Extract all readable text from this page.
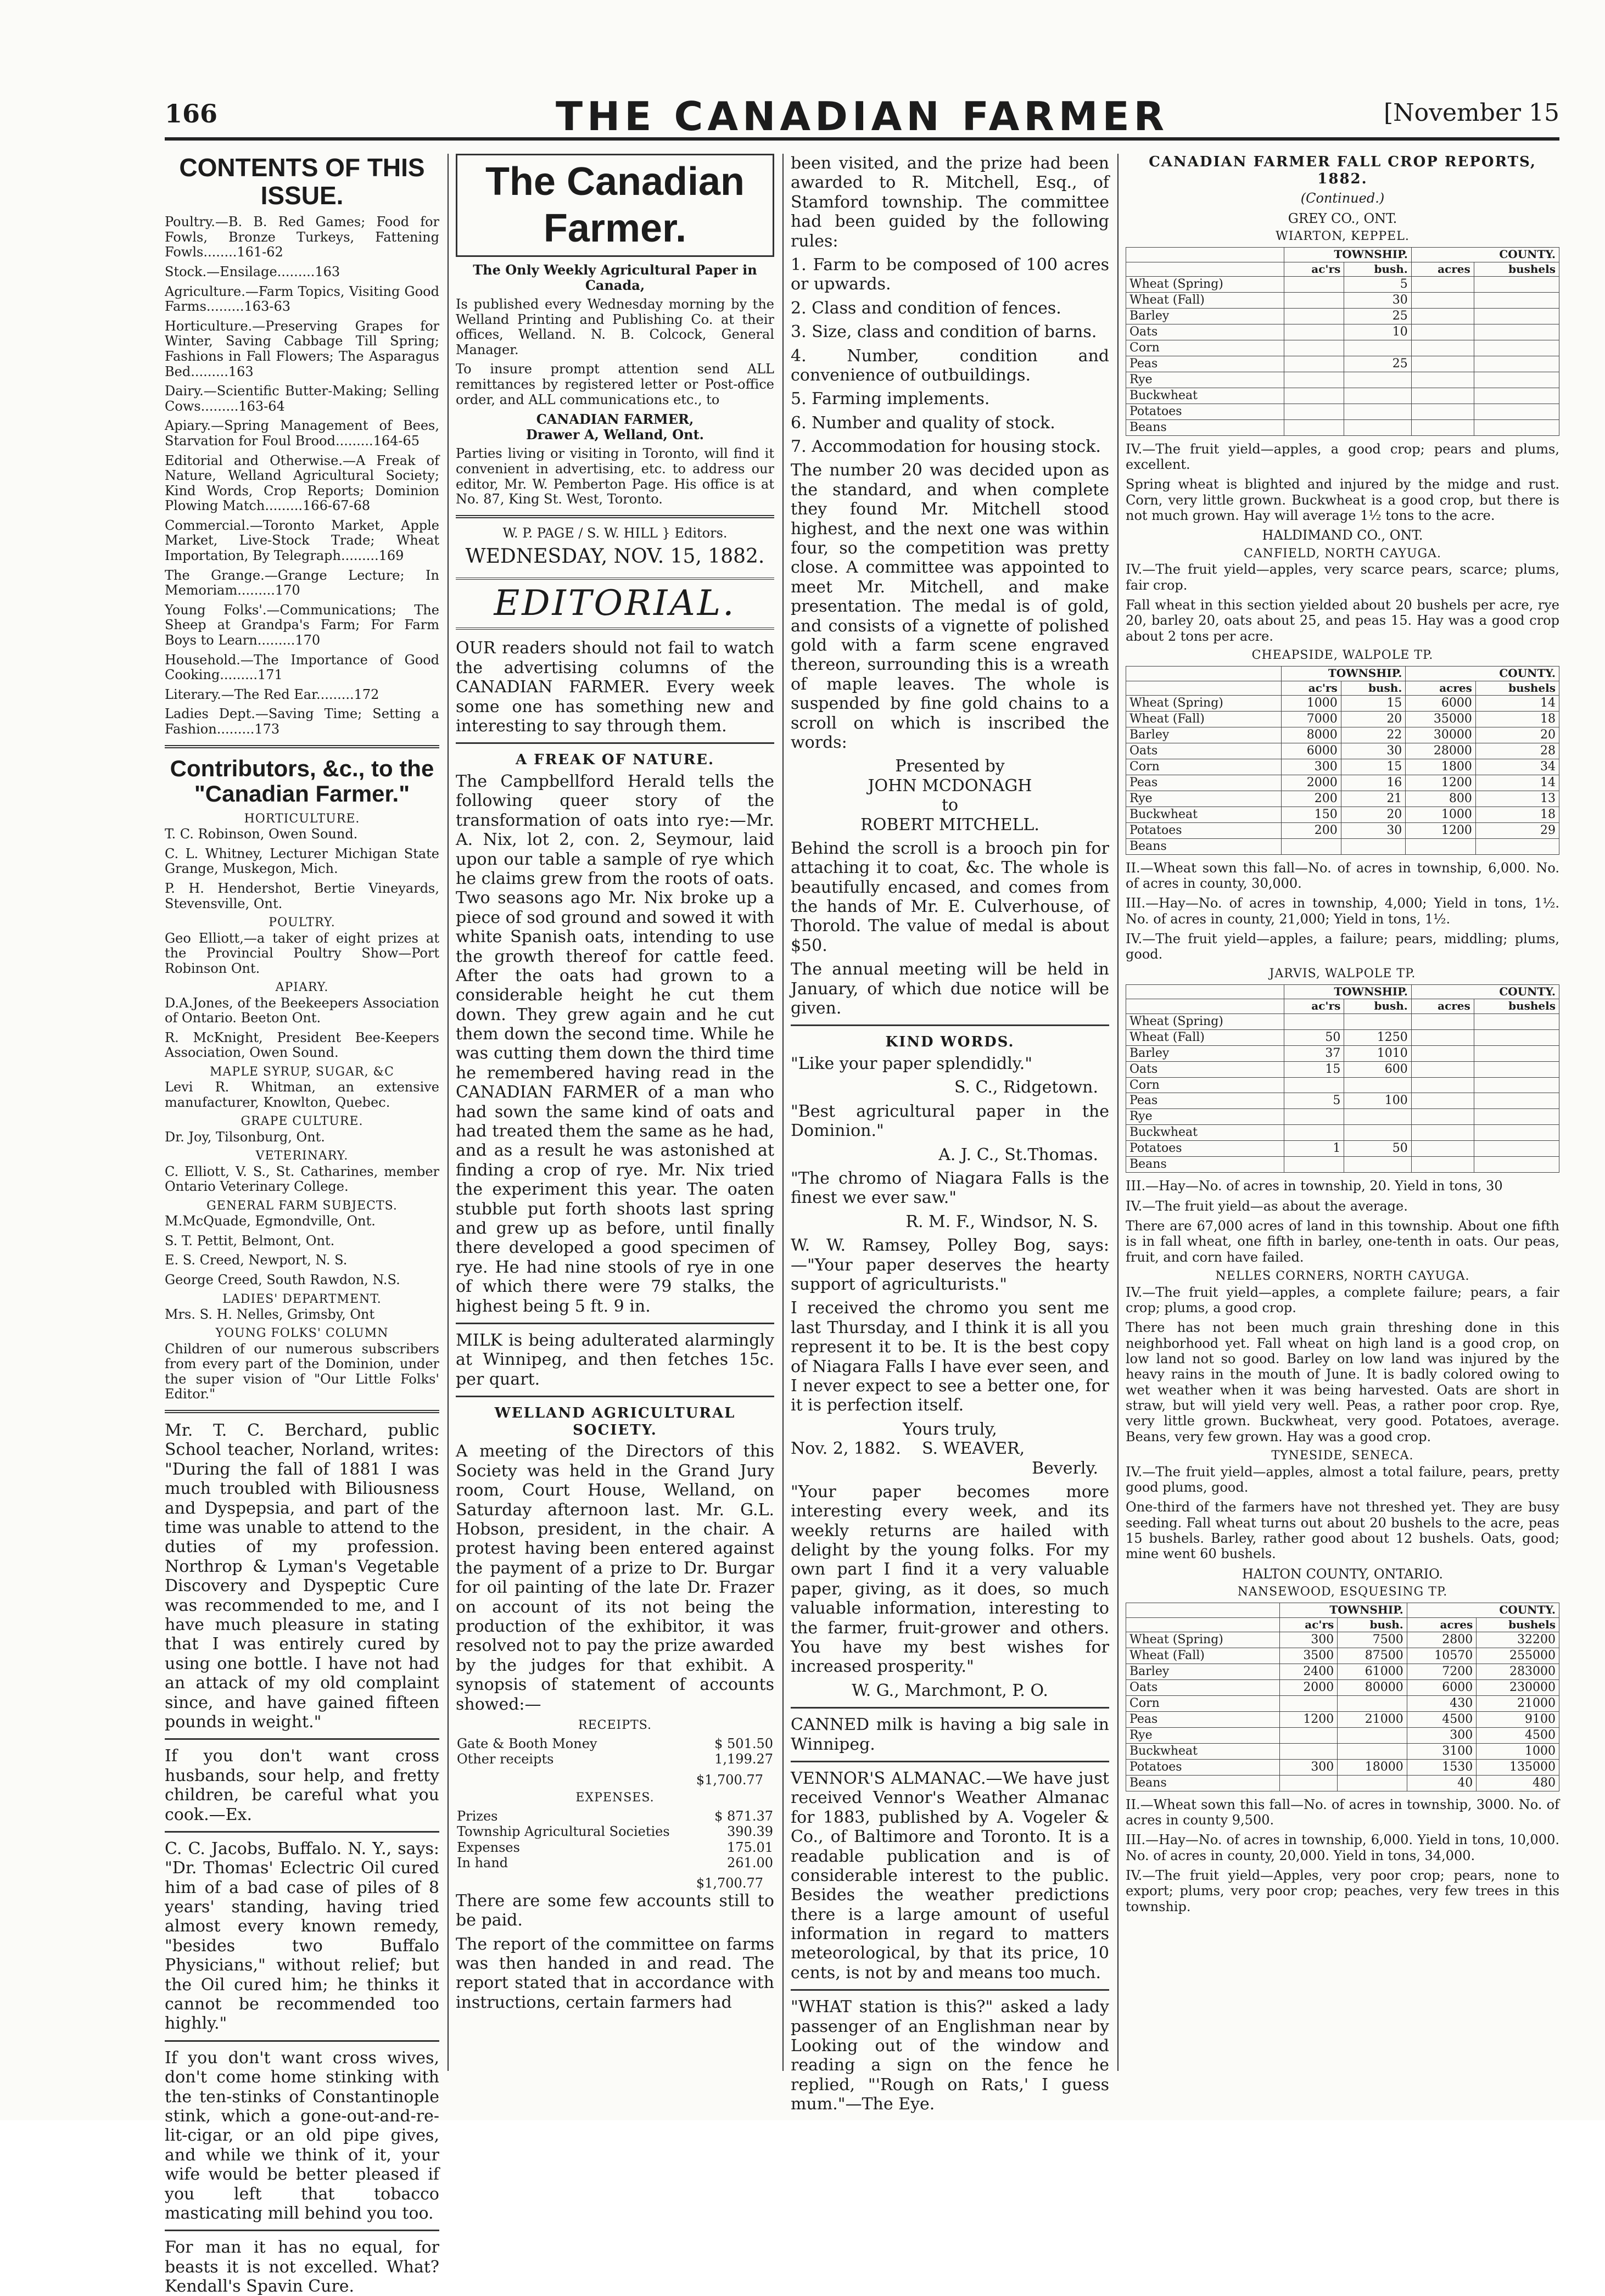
166	THE CANADIAN FARMER	[November 15
CONTENTS OF THIS ISSUE.

Poultry.—B. B. Red Games; Food for Fowls, Bronze Turkeys, Fattening Fowls........161-62

Stock.—Ensilage.........163

Agriculture.—Farm Topics, Visiting Good Farms.........163-63

Horticulture.—Preserving Grapes for Winter, Saving Cabbage Till Spring; Fashions in Fall Flowers; The Asparagus Bed.........163

Dairy.—Scientific Butter-Making; Selling Cows.........163-64

Apiary.—Spring Management of Bees, Starvation for Foul Brood.........164-65

Editorial and Otherwise.—A Freak of Nature, Welland Agricultural Society; Kind Words, Crop Reports; Dominion Plowing Match.........166-67-68

Commercial.—Toronto Market, Apple Market, Live-Stock Trade; Wheat Importation, By Telegraph.........169

The Grange.—Grange Lecture; In Memoriam.........170

Young Folks'.—Communications; The Sheep at Grandpa's Farm; For Farm Boys to Learn.........170

Household.—The Importance of Good Cooking.........171

Literary.—The Red Ear.........172

Ladies Dept.—Saving Time; Setting a Fashion.........173

Contributors, &c., to the "Canadian Farmer."
HORTICULTURE.

T. C. Robinson, Owen Sound.

C. L. Whitney, Lecturer Michigan State Grange, Muskegon, Mich.

P. H. Hendershot, Bertie Vineyards, Stevensville, Ont.

POULTRY.

Geo Elliott,—a taker of eight prizes at the Provincial Poultry Show—Port Robinson Ont.

APIARY.

D.A.Jones, of the Beekeepers Association of Ontario. Beeton Ont.

R. McKnight, President Bee-Keepers Association, Owen Sound.

MAPLE SYRUP, SUGAR, &C

Levi R. Whitman, an extensive manufacturer, Knowlton, Quebec.

GRAPE CULTURE.

Dr. Joy, Tilsonburg, Ont.

VETERINARY.

C. Elliott, V. S., St. Catharines, member Ontario Veterinary College.

GENERAL FARM SUBJECTS.

M.McQuade, Egmondville, Ont.

S. T. Pettit, Belmont, Ont.

E. S. Creed, Newport, N. S.

George Creed, South Rawdon, N.S.

LADIES' DEPARTMENT.

Mrs. S. H. Nelles, Grimsby, Ont

YOUNG FOLKS' COLUMN

Children of our numerous subscribers from every part of the Dominion, under the super vision of "Our Little Folks' Editor."

Mr. T. C. Berchard, public School teacher, Norland, writes: "During the fall of 1881 I was much troubled with Biliousness and Dyspepsia, and part of the time was unable to attend to the duties of my profession. Northrop & Lyman's Vegetable Discovery and Dyspeptic Cure was recommended to me, and I have much pleasure in stating that I was entirely cured by using one bottle. I have not had an attack of my old complaint since, and have gained fifteen pounds in weight."

If you don't want cross husbands, sour help, and fretty children, be careful what you cook.—Ex.

C. C. Jacobs, Buffalo. N. Y., says: "Dr. Thomas' Eclectric Oil cured him of a bad case of piles of 8 years' standing, having tried almost every known remedy, "besides two Buffalo Physicians," without relief; but the Oil cured him; he thinks it cannot be recommended too highly."

If you don't want cross wives, don't come home stinking with the ten-stinks of Constantinople stink, which a gone-out-and-re-lit-cigar, or an old pipe gives, and while we think of it, your wife would be better pleased if you left that tobacco masticating mill behind you too.

For man it has no equal, for beasts it is not excelled. What? Kendall's Spavin Cure.

The Canadian Farmer.

The Only Weekly Agricultural Paper in Canada,

Is published every Wednesday morning by the Welland Printing and Publishing Co. at their offices, Welland. N. B. Colcock, General Manager.

To insure prompt attention send ALL remittances by registered letter or Post-office order, and ALL communications etc., to

CANADIAN FARMER,

Drawer A, Welland, Ont.

Parties living or visiting in Toronto, will find it convenient in advertising, etc. to address our editor, Mr. W. Pemberton Page. His office is at No. 87, King St. West, Toronto.

W. P. PAGE / S. W. HILL } Editors.

WEDNESDAY, NOV. 15, 1882.

EDITORIAL.

OUR readers should not fail to watch the advertising columns of the CANADIAN FARMER. Every week some one has something new and interesting to say through them.

A FREAK OF NATURE.

The Campbellford Herald tells the following queer story of the transformation of oats into rye:—Mr. A. Nix, lot 2, con. 2, Seymour, laid upon our table a sample of rye which he claims grew from the roots of oats. Two seasons ago Mr. Nix broke up a piece of sod ground and sowed it with white Spanish oats, intending to use the growth thereof for cattle feed. After the oats had grown to a considerable height he cut them down. They grew again and he cut them down the second time. While he was cutting them down the third time he remembered having read in the CANADIAN FARMER of a man who had sown the same kind of oats and had treated them the same as he had, and as a result he was astonished at finding a crop of rye. Mr. Nix tried the experiment this year. The oaten stubble put forth shoots last spring and grew up as before, until finally there developed a good specimen of rye. He had nine stools of rye in one of which there were 79 stalks, the highest being 5 ft. 9 in.

MILK is being adulterated alarmingly at Winnipeg, and then fetches 15c. per quart.

WELLAND AGRICULTURAL SOCIETY.

A meeting of the Directors of this Society was held in the Grand Jury room, Court House, Welland, on Saturday afternoon last. Mr. G.L. Hobson, president, in the chair. A protest having been entered against the payment of a prize to Dr. Burgar for oil painting of the late Dr. Frazer on account of its not being the production of the exhibitor, it was resolved not to pay the prize awarded by the judges for that exhibit. A synopsis of statement of accounts showed:—

RECEIPTS.
Gate & Booth Money	$ 501.50
Other receipts	1,199.27
$1,700.77
EXPENSES.
Prizes	$ 871.37
Township Agricultural Societies	390.39
Expenses	175.01
In hand	261.00
$1,700.77

There are some few accounts still to be paid.

The report of the committee on farms was then handed in and read. The report stated that in accordance with instructions, certain farmers had

been visited, and the prize had been awarded to R. Mitchell, Esq., of Stamford township. The committee had been guided by the following rules:

1. Farm to be composed of 100 acres or upwards.

2. Class and condition of fences.

3. Size, class and condition of barns.

4. Number, condition and convenience of outbuildings.

5. Farming implements.

6. Number and quality of stock.

7. Accommodation for housing stock.

The number 20 was decided upon as the standard, and when complete they found Mr. Mitchell stood highest, and the next one was within four, so the competition was pretty close. A committee was appointed to meet Mr. Mitchell, and make presentation. The medal is of gold, and consists of a vignette of polished gold with a farm scene engraved thereon, surrounding this is a wreath of maple leaves. The whole is suspended by fine gold chains to a scroll on which is inscribed the words:

Presented by
JOHN MCDONAGH
to
ROBERT MITCHELL.

Behind the scroll is a brooch pin for attaching it to coat, &c. The whole is beautifully encased, and comes from the hands of Mr. E. Culverhouse, of Thorold. The value of medal is about $50.

The annual meeting will be held in January, of which due notice will be given.

KIND WORDS.

"Like your paper splendidly."

S. C., Ridgetown.

"Best agricultural paper in the Dominion."

A. J. C., St.Thomas.

"The chromo of Niagara Falls is the finest we ever saw."

R. M. F., Windsor, N. S.

W. W. Ramsey, Polley Bog, says:—"Your paper deserves the hearty support of agriculturists."

I received the chromo you sent me last Thursday, and I think it is all you represent it to be. It is the best copy of Niagara Falls I have ever seen, and I never expect to see a better one, for it is perfection itself.

Yours truly,

Nov. 2, 1882. S. WEAVER,

Beverly.

"Your paper becomes more interesting every week, and its weekly returns are hailed with delight by the young folks. For my own part I find it a very valuable paper, giving, as it does, so much valuable information, interesting to the farmer, fruit-grower and others. You have my best wishes for increased prosperity."

W. G., Marchmont, P. O.

CANNED milk is having a big sale in Winnipeg.

VENNOR'S ALMANAC.—We have just received Vennor's Weather Almanac for 1883, published by A. Vogeler & Co., of Baltimore and Toronto. It is a readable publication and is of considerable interest to the public. Besides the weather predictions there is a large amount of useful information in regard to matters meteorological, by that its price, 10 cents, is not by and means too much.

"WHAT station is this?" asked a lady passenger of an Englishman near by Looking out of the window and reading a sign on the fence he replied, "'Rough on Rats,' I guess mum."—The Eye.

CANADIAN FARMER FALL CROP REPORTS, 1882.

(Continued.)

GREY CO., ONT.
WIARTON, KEPPEL.
	TOWNSHIP.		COUNTY.	
	ac'rs	bush.	acres	bushels
Wheat (Spring)		5		
Wheat (Fall)		30		
Barley		25		
Oats		10		
Corn				
Peas		25		
Rye				
Buckwheat				
Potatoes				
Beans				

IV.—The fruit yield—apples, a good crop; pears and plums, excellent.

Spring wheat is blighted and injured by the midge and rust. Corn, very little grown. Buckwheat is a good crop, but there is not much grown. Hay will average 1½ tons to the acre.

HALDIMAND CO., ONT.
CANFIELD, NORTH CAYUGA.

IV.—The fruit yield—apples, very scarce pears, scarce; plums, fair crop.

Fall wheat in this section yielded about 20 bushels per acre, rye 20, barley 20, oats about 25, and peas 15. Hay was a good crop about 2 tons per acre.

CHEAPSIDE, WALPOLE TP.
	TOWNSHIP.		COUNTY.	
	ac'rs	bush.	acres	bushels
Wheat (Spring)	1000	15	6000	14
Wheat (Fall)	7000	20	35000	18
Barley	8000	22	30000	20
Oats	6000	30	28000	28
Corn	300	15	1800	34
Peas	2000	16	1200	14
Rye	200	21	800	13
Buckwheat	150	20	1000	18
Potatoes	200	30	1200	29
Beans				

II.—Wheat sown this fall—No. of acres in township, 6,000. No. of acres in county, 30,000.

III.—Hay—No. of acres in township, 4,000; Yield in tons, 1½. No. of acres in county, 21,000; Yield in tons, 1½.

IV.—The fruit yield—apples, a failure; pears, middling; plums, good.

JARVIS, WALPOLE TP.
	TOWNSHIP.		COUNTY.	
	ac'rs	bush.	acres	bushels
Wheat (Spring)				
Wheat (Fall)	50	1250		
Barley	37	1010		
Oats	15	600		
Corn				
Peas	5	100		
Rye				
Buckwheat				
Potatoes	1	50		
Beans				

III.—Hay—No. of acres in township, 20. Yield in tons, 30

IV.—The fruit yield—as about the average.

There are 67,000 acres of land in this township. About one fifth is in fall wheat, one fifth in barley, one-tenth in oats. Our peas, fruit, and corn have failed.

NELLES CORNERS, NORTH CAYUGA.

IV.—The fruit yield—apples, a complete failure; pears, a fair crop; plums, a good crop.

There has not been much grain threshing done in this neighborhood yet. Fall wheat on high land is a good crop, on low land not so good. Barley on low land was injured by the heavy rains in the mouth of June. It is badly colored owing to wet weather when it was being harvested. Oats are short in straw, but will yield very well. Peas, a rather poor crop. Rye, very little grown. Buckwheat, very good. Potatoes, average. Beans, very few grown. Hay was a good crop.

TYNESIDE, SENECA.

IV.—The fruit yield—apples, almost a total failure, pears, pretty good plums, good.

One-third of the farmers have not threshed yet. They are busy seeding. Fall wheat turns out about 20 bushels to the acre, peas 15 bushels. Barley, rather good about 12 bushels. Oats, good; mine went 60 bushels.

HALTON COUNTY, ONTARIO.
NANSEWOOD, ESQUESING TP.
	TOWNSHIP.		COUNTY.	
	ac'rs	bush.	acres	bushels
Wheat (Spring)	300	7500	2800	32200
Wheat (Fall)	3500	87500	10570	255000
Barley	2400	61000	7200	283000
Oats	2000	80000	6000	230000
Corn			430	21000
Peas	1200	21000	4500	9100
Rye			300	4500
Buckwheat			3100	1000
Potatoes	300	18000	1530	135000
Beans			40	480

II.—Wheat sown this fall—No. of acres in township, 3000. No. of acres in county 9,500.

III.—Hay—No. of acres in township, 6,000. Yield in tons, 10,000. No. of acres in county, 20,000. Yield in tons, 34,000.

IV.—The fruit yield—Apples, very poor crop; pears, none to export; plums, very poor crop; peaches, very few trees in this township.
